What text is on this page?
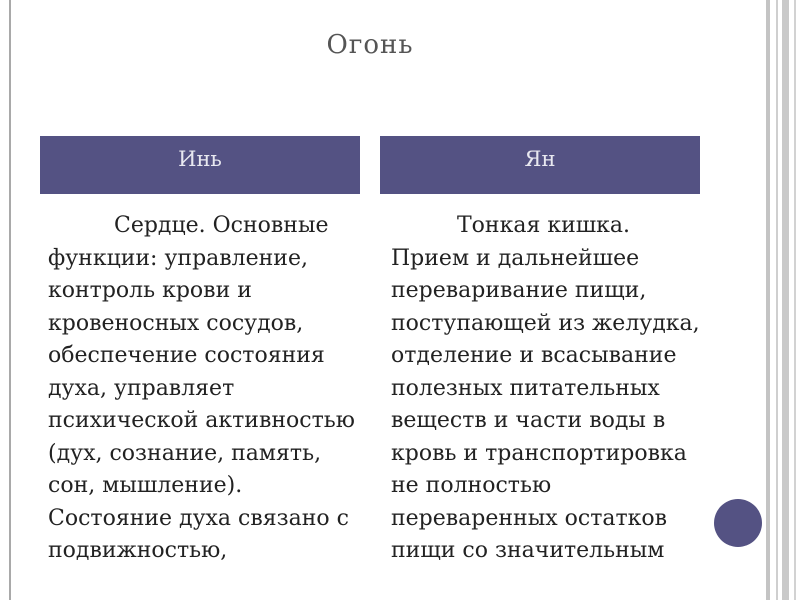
Огонь
Инь	Ян
Сердце. Основные функции: управление, контроль крови и кровеносных сосудов, обеспечение состояния духа, управляет психической активностью (дух, сознание, память, сон, мышление). Состояние духа связано с подвижностью,
Тонкая кишка. Прием и дальнейшее переваривание пищи, поступающей из желудка, отделение и всасывание полезных питательных веществ и части воды в кровь и транспортировка не полностью переваренных остатков пищи со значительным
